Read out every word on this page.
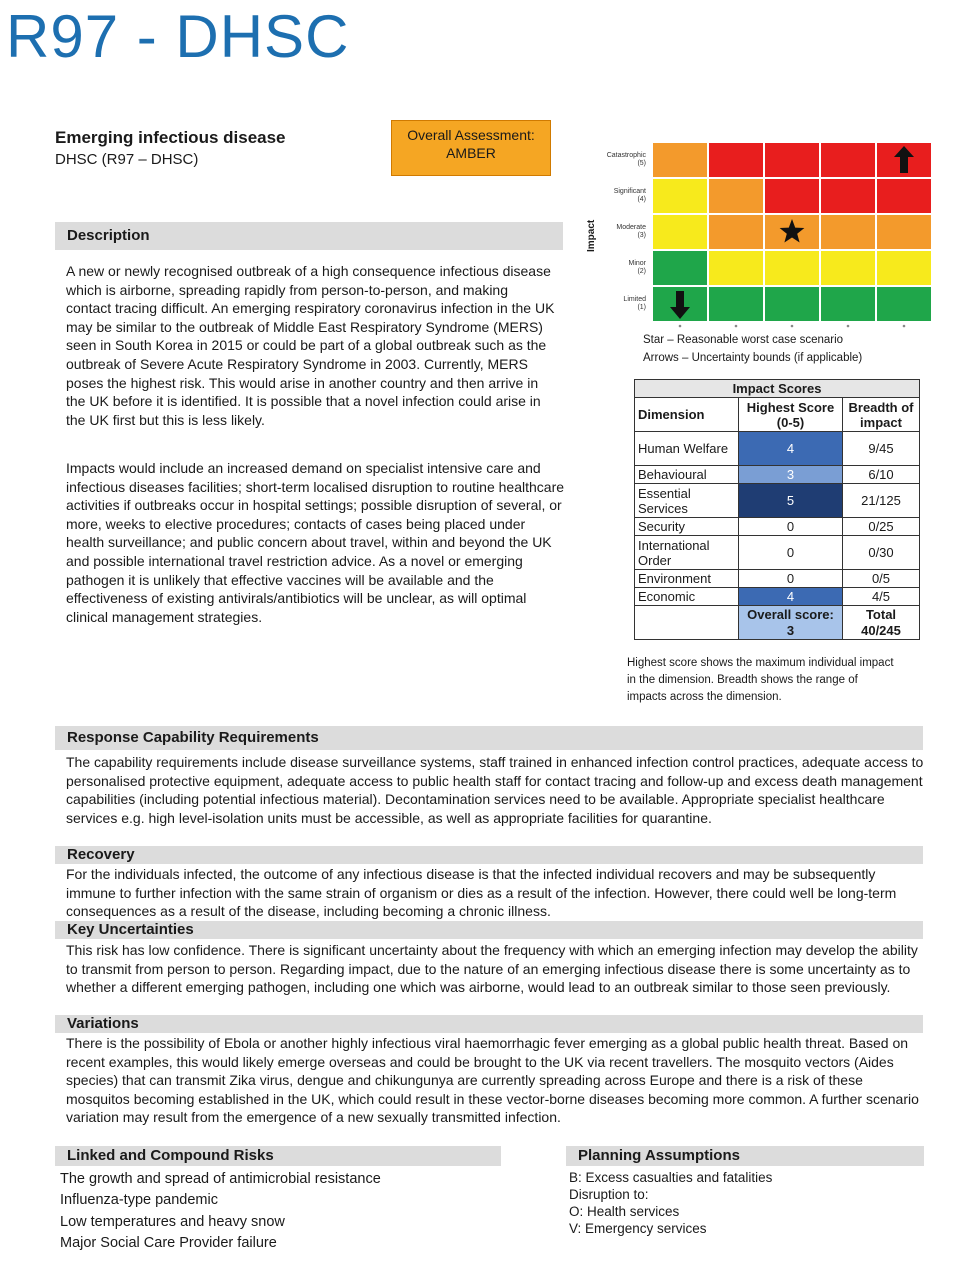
R97 - DHSC
Emerging infectious disease
DHSC (R97 – DHSC)
Overall Assessment:
AMBER
Impact
Catastrophic
(5)
Significant
(4)
Moderate
(3)
Minor
(2)
Limited
(1)
Star – Reasonable worst case scenario
Arrows – Uncertainty bounds (if applicable)
Description
A new or newly recognised outbreak of a high consequence infectious disease which is airborne, spreading rapidly from person-to-person, and making contact tracing difficult. An emerging respiratory coronavirus infection in the UK may be similar to the outbreak of Middle East Respiratory Syndrome (MERS) seen in South Korea in 2015 or could be part of a global outbreak such as the outbreak of Severe Acute Respiratory Syndrome in 2003. Currently, MERS poses the highest risk. This would arise in another country and then arrive in the UK before it is identified. It is possible that a novel infection could arise in the UK first but this is less likely.
Impacts would include an increased demand on specialist intensive care and infectious diseases facilities; short-term localised disruption to routine healthcare activities if outbreaks occur in hospital settings; possible disruption of several, or more, weeks to elective procedures; contacts of cases being placed under health surveillance; and public concern about travel, within and beyond the UK and possible international travel restriction advice. As a novel or emerging pathogen it is unlikely that effective vaccines will be available and the effectiveness of existing antivirals/antibiotics will be unclear, as will optimal clinical management strategies.
Impact Scores		
Dimension	Highest Score (0-5)	Breadth of impact
Human Welfare	4	9/45
Behavioural	3	6/10
Essential Services	5	21/125
Security	0	0/25
International Order	0	0/30
Environment	0	0/5
Economic	4	4/5
	Overall score: 3	Total 40/245
Highest score shows the maximum individual impact in the dimension. Breadth shows the range of impacts across the dimension.
Response Capability Requirements
The capability requirements include disease surveillance systems, staff trained in enhanced infection control practices, adequate access to personalised protective equipment, adequate access to public health staff for contact tracing and follow-up and excess death management capabilities (including potential infectious material). Decontamination services need to be available. Appropriate specialist healthcare services e.g. high level-isolation units must be accessible, as well as appropriate facilities for quarantine.
Recovery
For the individuals infected, the outcome of any infectious disease is that the infected individual recovers and may be subsequently immune to further infection with the same strain of organism or dies as a result of the infection. However, there could well be long-term consequences as a result of the disease, including becoming a chronic illness.
Key Uncertainties
This risk has low confidence. There is significant uncertainty about the frequency with which an emerging infection may develop the ability to transmit from person to person. Regarding impact, due to the nature of an emerging infectious disease there is some uncertainty as to whether a different emerging pathogen, including one which was airborne, would lead to an outbreak similar to those seen previously.
Variations
There is the possibility of Ebola or another highly infectious viral haemorrhagic fever emerging as a global public health threat. Based on recent examples, this would likely emerge overseas and could be brought to the UK via recent travellers. The mosquito vectors (Aides species) that can transmit Zika virus, dengue and chikungunya are currently spreading across Europe and there is a risk of these mosquitos becoming established in the UK, which could result in these vector-borne diseases becoming more common. A further scenario variation may result from the emergence of a new sexually transmitted infection.
Linked and Compound Risks
The growth and spread of antimicrobial resistance
Influenza-type pandemic
Low temperatures and heavy snow
Major Social Care Provider failure
Planning Assumptions
B: Excess casualties and fatalities
Disruption to:
O: Health services
V: Emergency services
